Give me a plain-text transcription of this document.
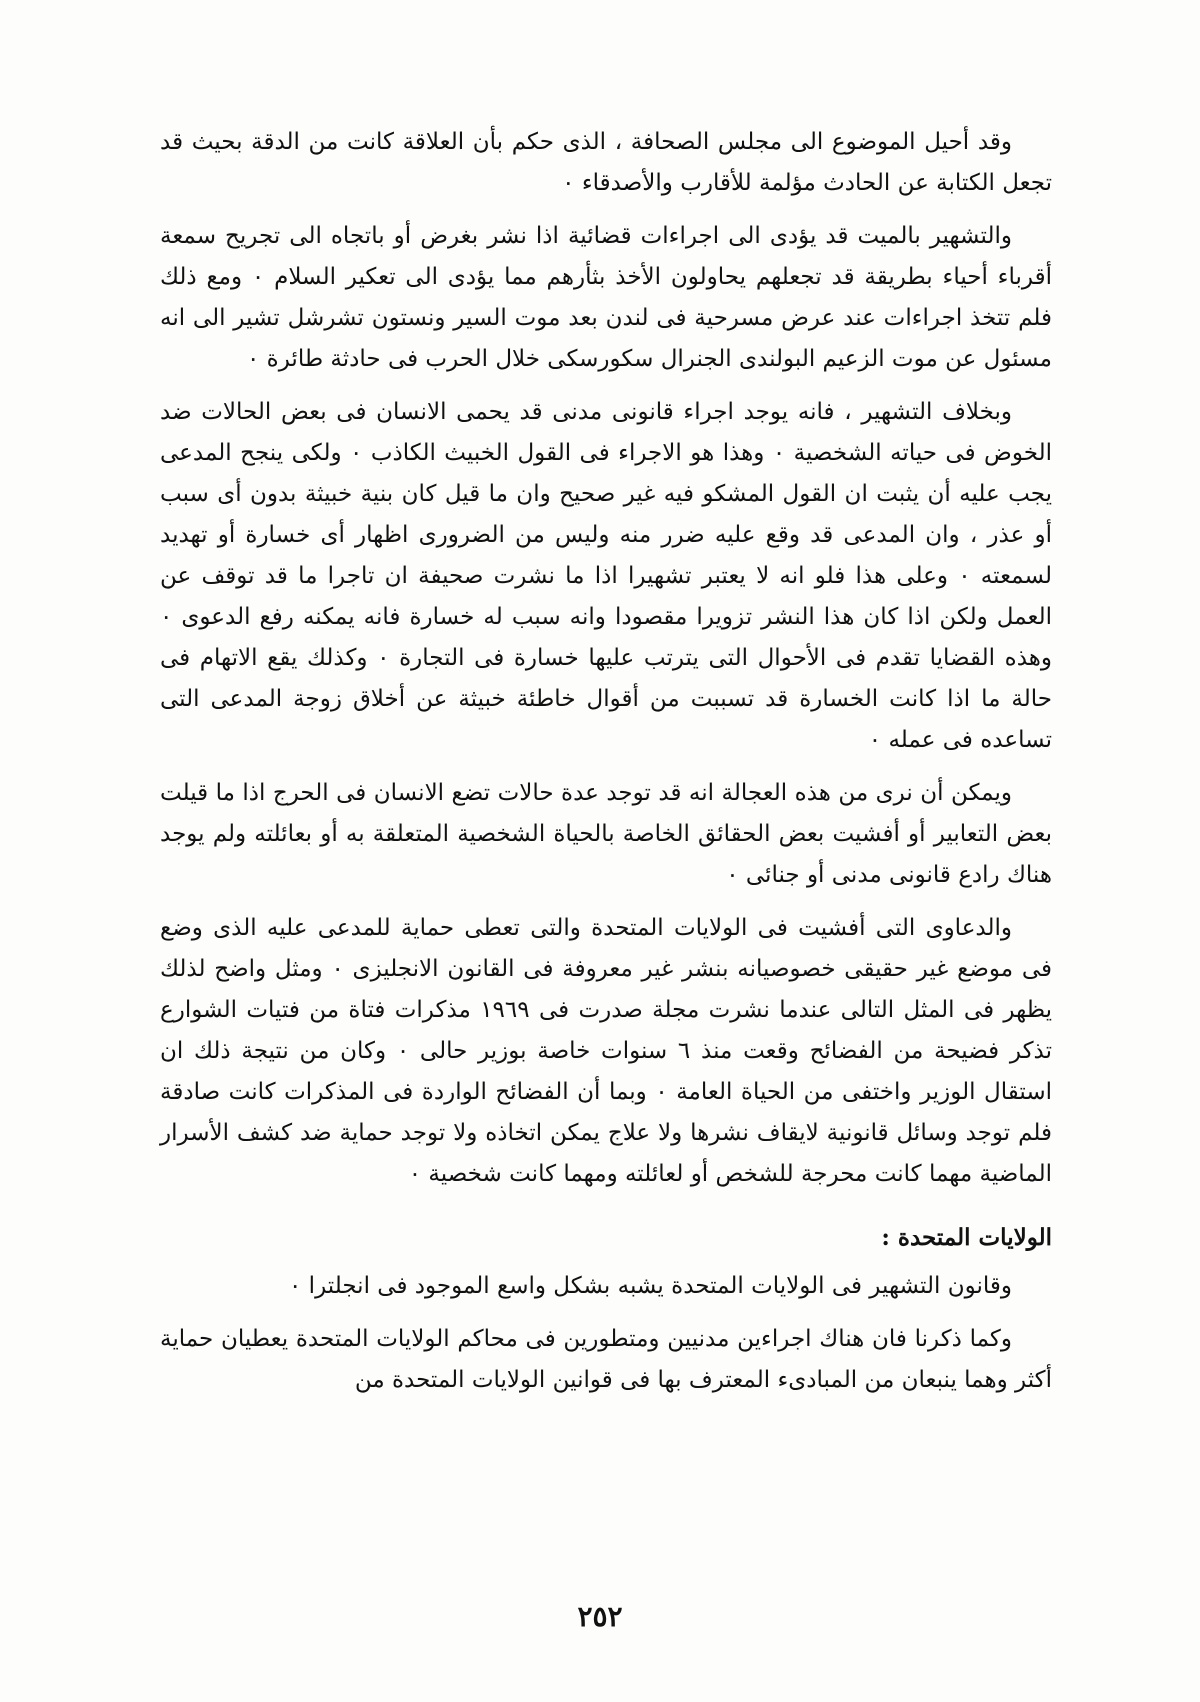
وقد أحيل الموضوع الى مجلس الصحافة ، الذى حكم بأن العلاقة كانت من الدقة بحيث قد تجعل الكتابة عن الحادث مؤلمة للأقارب والأصدقاء ٠

والتشهير بالميت قد يؤدى الى اجراءات قضائية اذا نشر بغرض أو باتجاه الى تجريح سمعة أقرباء أحياء بطريقة قد تجعلهم يحاولون الأخذ بثأرهم مما يؤدى الى تعكير السلام ٠ ومع ذلك فلم تتخذ اجراءات عند عرض مسرحية فى لندن بعد موت السير ونستون تشرشل تشير الى انه مسئول عن موت الزعيم البولندى الجنرال سكورسكى خلال الحرب فى حادثة طائرة ٠

وبخلاف التشهير ، فانه يوجد اجراء قانونى مدنى قد يحمى الانسان فى بعض الحالات ضد الخوض فى حياته الشخصية ٠ وهذا هو الاجراء فى القول الخبيث الكاذب ٠ ولكى ينجح المدعى يجب عليه أن يثبت ان القول المشكو فيه غير صحيح وان ما قيل كان بنية خبيثة بدون أى سبب أو عذر ، وان المدعى قد وقع عليه ضرر منه وليس من الضرورى اظهار أى خسارة أو تهديد لسمعته ٠ وعلى هذا فلو انه لا يعتبر تشهيرا اذا ما نشرت صحيفة ان تاجرا ما قد توقف عن العمل ولكن اذا كان هذا النشر تزويرا مقصودا وانه سبب له خسارة فانه يمكنه رفع الدعوى ٠ وهذه القضايا تقدم فى الأحوال التى يترتب عليها خسارة فى التجارة ٠ وكذلك يقع الاتهام فى حالة ما اذا كانت الخسارة قد تسببت من أقوال خاطئة خبيثة عن أخلاق زوجة المدعى التى تساعده فى عمله ٠

ويمكن أن نرى من هذه العجالة انه قد توجد عدة حالات تضع الانسان فى الحرج اذا ما قيلت بعض التعابير أو أفشيت بعض الحقائق الخاصة بالحياة الشخصية المتعلقة به أو بعائلته ولم يوجد هناك رادع قانونى مدنى أو جنائى ٠

والدعاوى التى أفشيت فى الولايات المتحدة والتى تعطى حماية للمدعى عليه الذى وضع فى موضع غير حقيقى خصوصيانه بنشر غير معروفة فى القانون الانجليزى ٠ ومثل واضح لذلك يظهر فى المثل التالى عندما نشرت مجلة صدرت فى ١٩٦٩ مذكرات فتاة من فتيات الشوارع تذكر فضيحة من الفضائح وقعت منذ ٦ سنوات خاصة بوزير حالى ٠ وكان من نتيجة ذلك ان استقال الوزير واختفى من الحياة العامة ٠ وبما أن الفضائح الواردة فى المذكرات كانت صادقة فلم توجد وسائل قانونية لايقاف نشرها ولا علاج يمكن اتخاذه ولا توجد حماية ضد كشف الأسرار الماضية مهما كانت محرجة للشخص أو لعائلته ومهما كانت شخصية ٠

الولايات المتحدة :

وقانون التشهير فى الولايات المتحدة يشبه بشكل واسع الموجود فى انجلترا ٠

وكما ذكرنا فان هناك اجراءين مدنيين ومتطورين فى محاكم الولايات المتحدة يعطيان حماية أكثر وهما ينبعان من المبادىء المعترف بها فى قوانين الولايات المتحدة من

٢٥٢
